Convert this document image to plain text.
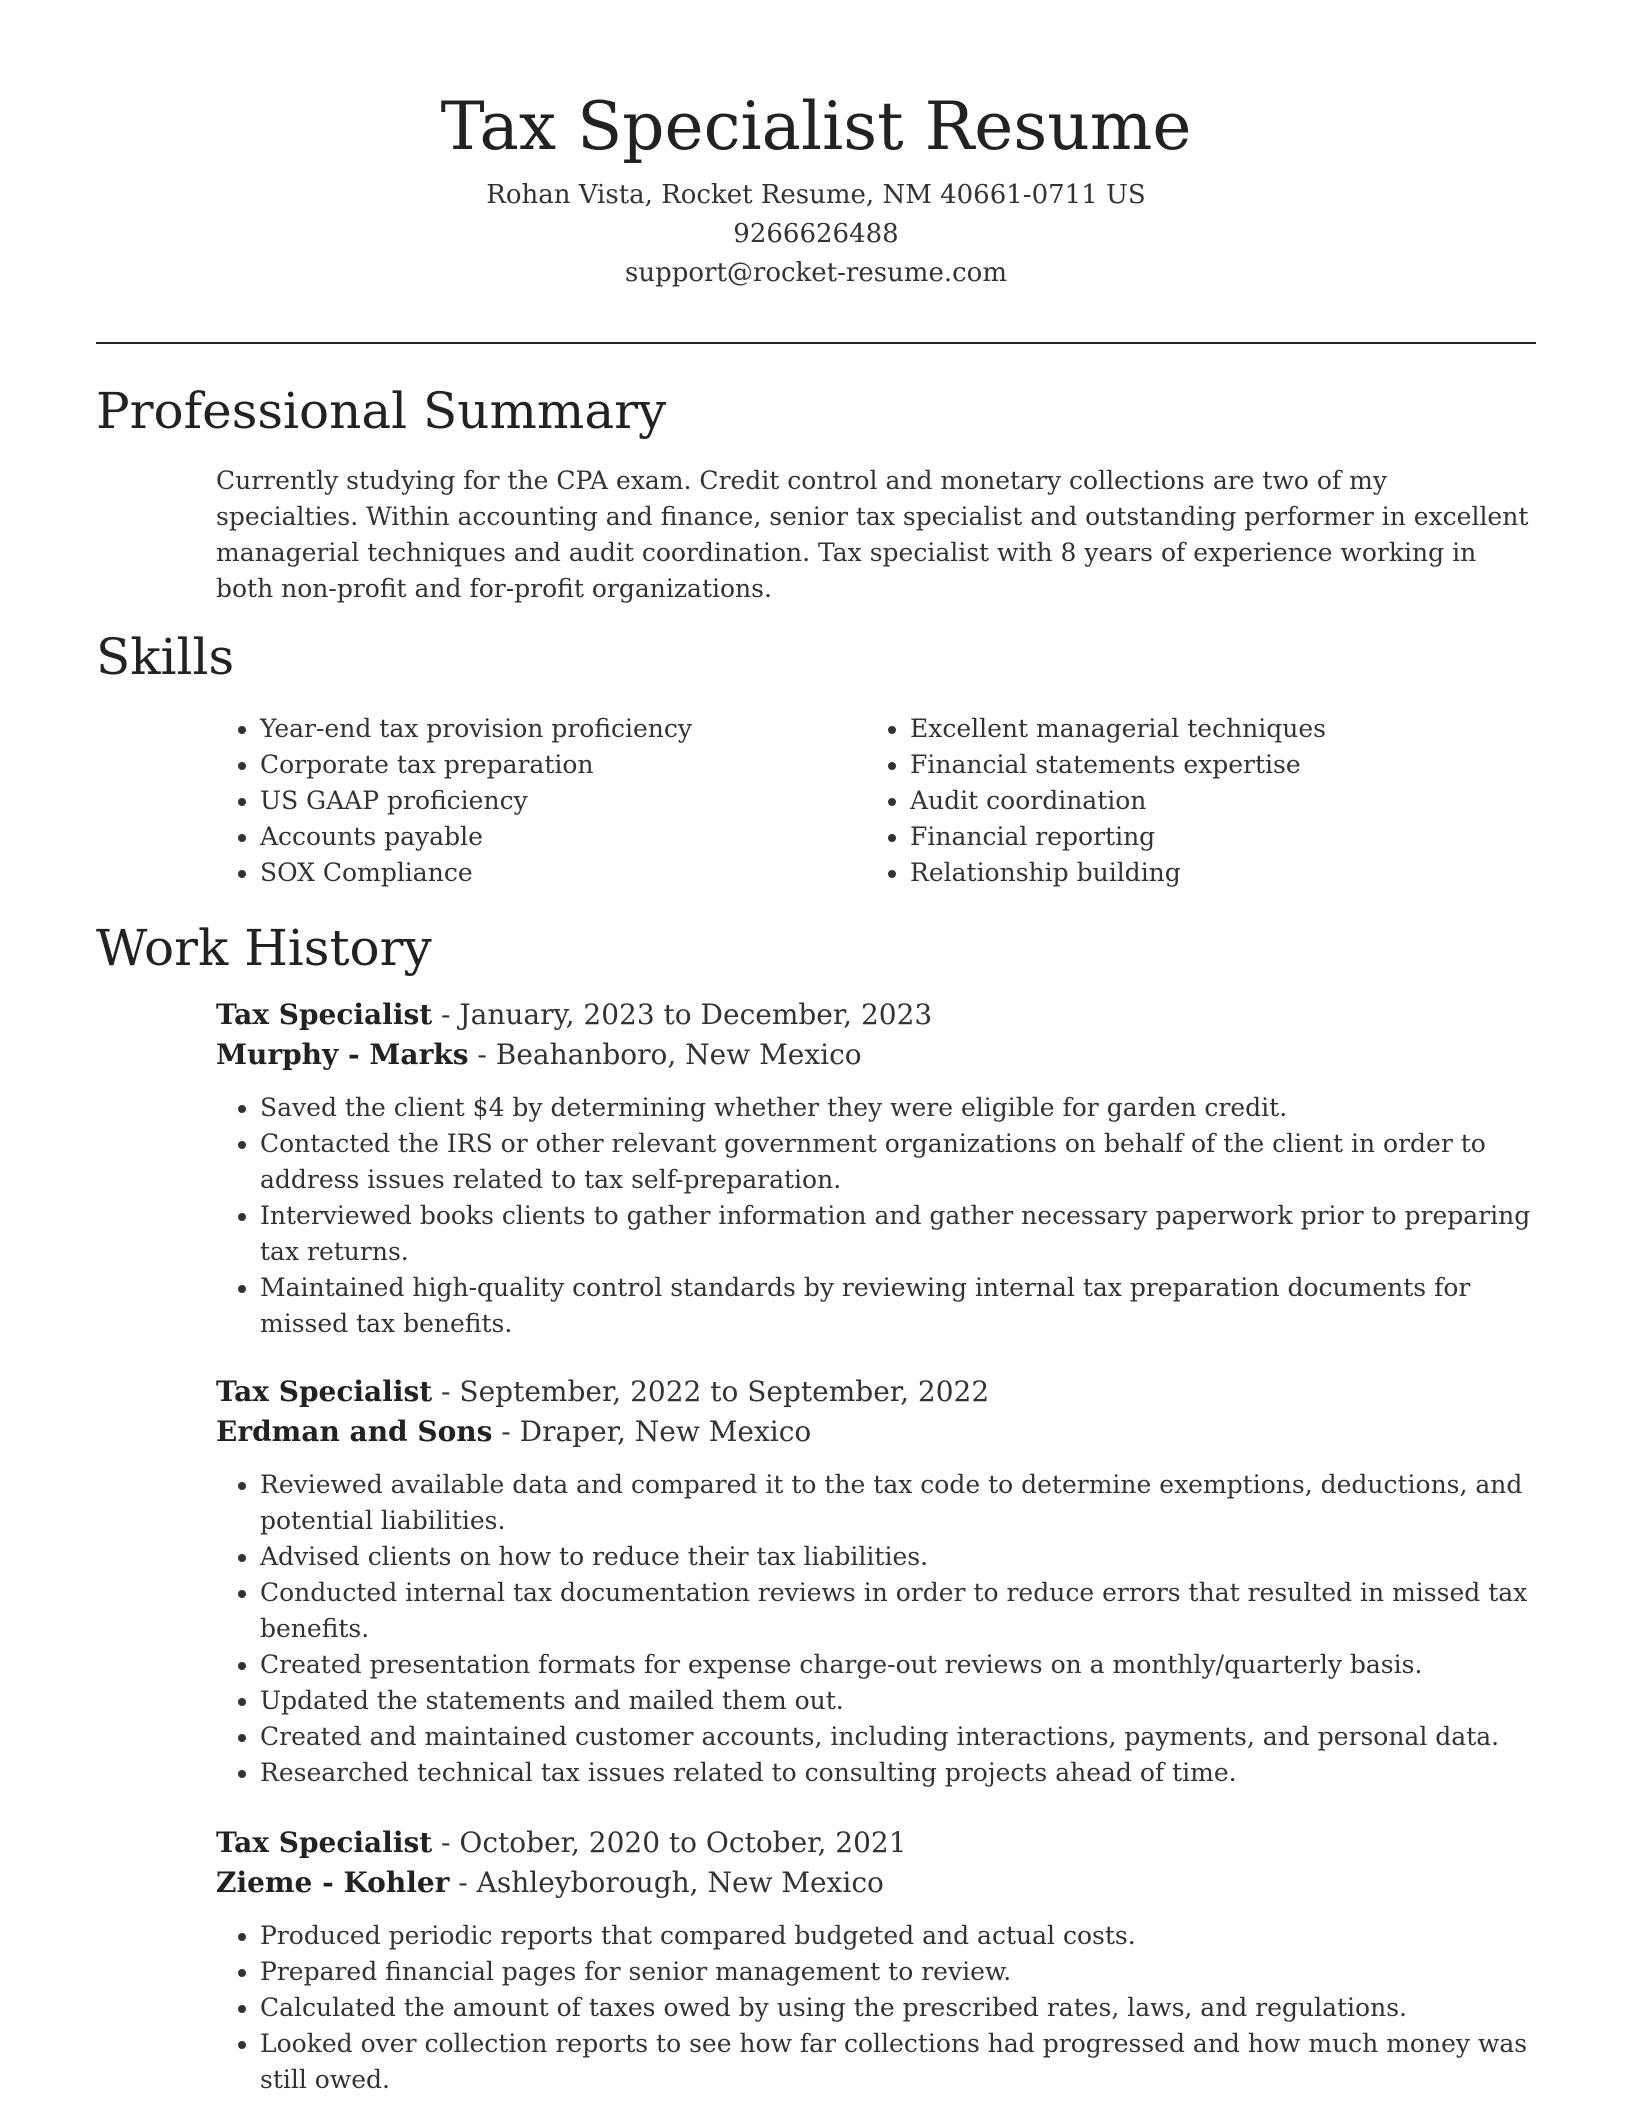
Tax Specialist Resume
Rohan Vista, Rocket Resume, NM 40661-0711 US
9266626488
support@rocket-resume.com
Professional Summary

Currently studying for the CPA exam. Credit control and monetary collections are two of my specialties. Within accounting and finance, senior tax specialist and outstanding performer in excellent managerial techniques and audit coordination. Tax specialist with 8 years of experience working in both non-profit and for-profit organizations.

Skills
• Year-end tax provision proficiency
• Corporate tax preparation
• US GAAP proficiency
• Accounts payable
• SOX Compliance
• Excellent managerial techniques
• Financial statements expertise
• Audit coordination
• Financial reporting
• Relationship building
Work History
Tax Specialist - January, 2023 to December, 2023
Murphy - Marks - Beahanboro, New Mexico
• Saved the client $4 by determining whether they were eligible for garden credit.
• Contacted the IRS or other relevant government organizations on behalf of the client in order to address issues related to tax self-preparation.
• Interviewed books clients to gather information and gather necessary paperwork prior to preparing tax returns.
• Maintained high-quality control standards by reviewing internal tax preparation documents for missed tax benefits.
Tax Specialist - September, 2022 to September, 2022
Erdman and Sons - Draper, New Mexico
• Reviewed available data and compared it to the tax code to determine exemptions, deductions, and potential liabilities.
• Advised clients on how to reduce their tax liabilities.
• Conducted internal tax documentation reviews in order to reduce errors that resulted in missed tax benefits.
• Created presentation formats for expense charge-out reviews on a monthly/quarterly basis.
• Updated the statements and mailed them out.
• Created and maintained customer accounts, including interactions, payments, and personal data.
• Researched technical tax issues related to consulting projects ahead of time.
Tax Specialist - October, 2020 to October, 2021
Zieme - Kohler - Ashleyborough, New Mexico
• Produced periodic reports that compared budgeted and actual costs.
• Prepared financial pages for senior management to review.
• Calculated the amount of taxes owed by using the prescribed rates, laws, and regulations.
• Looked over collection reports to see how far collections had progressed and how much money was still owed.
